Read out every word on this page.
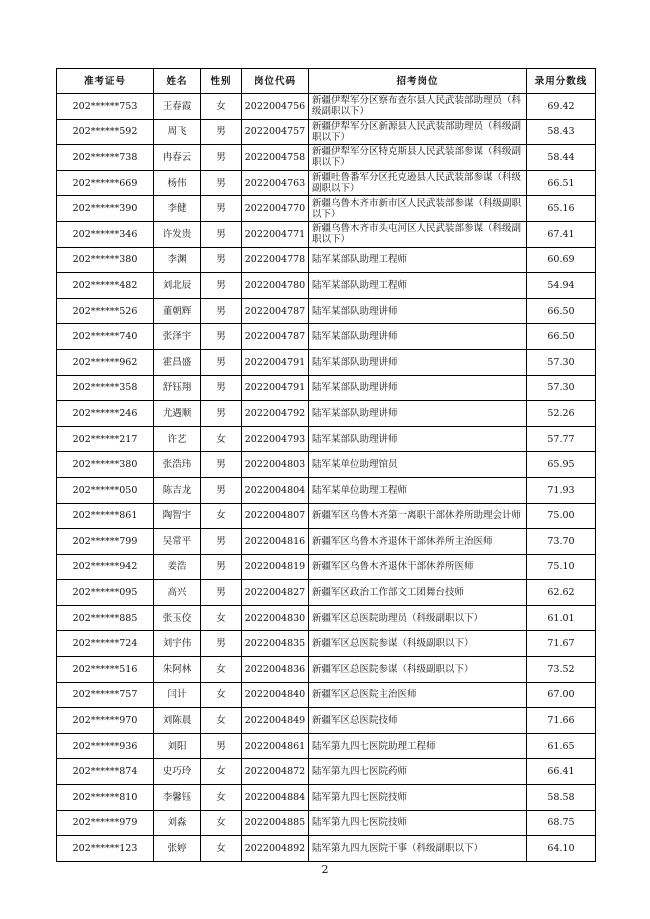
准考证号	姓名	性别	岗位代码	招考岗位	录用分数线
202******753	王春霞	女	2022004756	新疆伊犁军分区察布查尔县人民武装部助理员（科级副职以下）	69.42
202******592	周飞	男	2022004757	新疆伊犁军分区新源县人民武装部助理员（科级副职以下）	58.43
202******738	冉春云	男	2022004758	新疆伊犁军分区特克斯县人民武装部参谋（科级副职以下）	58.44
202******669	杨伟	男	2022004763	新疆吐鲁番军分区托克逊县人民武装部参谋（科级副职以下）	66.51
202******390	李健	男	2022004770	新疆乌鲁木齐市新市区人民武装部参谋（科级副职以下）	65.16
202******346	许发贵	男	2022004771	新疆乌鲁木齐市头屯河区人民武装部参谋（科级副职以下）	67.41
202******380	李渊	男	2022004778	陆军某部队助理工程师	60.69
202******482	刘北辰	男	2022004780	陆军某部队助理工程师	54.94
202******526	董朝辉	男	2022004787	陆军某部队助理讲师	66.50
202******740	张泽宇	男	2022004787	陆军某部队助理讲师	66.50
202******962	霍昌盛	男	2022004791	陆军某部队助理讲师	57.30
202******358	舒钰翔	男	2022004791	陆军某部队助理讲师	57.30
202******246	尤遇顺	男	2022004792	陆军某部队助理讲师	52.26
202******217	许艺	女	2022004793	陆军某部队助理讲师	57.77
202******380	张浩玮	男	2022004803	陆军某单位助理馆员	65.95
202******050	陈吉龙	男	2022004804	陆军某单位助理工程师	71.93
202******861	陶智宇	女	2022004807	新疆军区乌鲁木齐第一离职干部休养所助理会计师	75.00
202******799	吴常平	男	2022004816	新疆军区乌鲁木齐退休干部休养所主治医师	73.70
202******942	姜浩	男	2022004819	新疆军区乌鲁木齐退休干部休养所医师	75.10
202******095	高兴	男	2022004827	新疆军区政治工作部文工团舞台技师	62.62
202******885	张玉佼	女	2022004830	新疆军区总医院助理员（科级副职以下）	61.01
202******724	刘宇伟	男	2022004835	新疆军区总医院参谋（科级副职以下）	71.67
202******516	朱阿林	女	2022004836	新疆军区总医院参谋（科级副职以下）	73.52
202******757	闫计	女	2022004840	新疆军区总医院主治医师	67.00
202******970	刘陈晨	女	2022004849	新疆军区总医院技师	71.66
202******936	刘阳	男	2022004861	陆军第九四七医院助理工程师	61.65
202******874	史巧玲	女	2022004872	陆军第九四七医院药师	66.41
202******810	李馨钰	女	2022004884	陆军第九四七医院技师	58.58
202******979	刘淼	女	2022004885	陆军第九四七医院技师	68.75
202******123	张婷	女	2022004892	陆军第九四九医院干事（科级副职以下）	64.10
2
